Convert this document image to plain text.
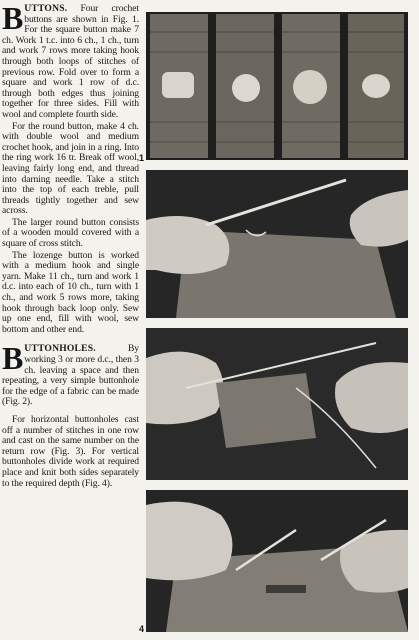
BUTTONS. Four crochet buttons are shown in Fig. 1. For the square button make 7 ch. Work 1 t.c. into 6 ch., 1 ch., turn and work 7 rows more taking hook through both loops of stitches of previous row. Fold over to form a square and work 1 row of d.c. through both edges thus joining together for three sides. Fill with wool and complete fourth side.

For the round button, make 4 ch. with double wool and medium crochet hook, and join in a ring. Into the ring work 16 tr. Break off wool, leaving fairly long end, and thread into darning needle. Take a stitch into the top of each treble, pull threads tightly together and sew across.

The larger round button consists of a wooden mould covered with a square of cross stitch.

The lozenge button is worked with a medium hook and single yarn. Make 11 ch., turn and work 1 d.c. into each of 10 ch., turn with 1 ch., and work 5 rows more, taking hook through back loop only. Sew up one end, fill with wool, sew bottom and other end.

BUTTONHOLES.	By working 3 or more d.c., then 3 ch. leaving a space and then repeating, a very simple buttonhole for the edge of a fabric can be made (Fig. 2).

For horizontal buttonholes cast off a number of stitches in one row and cast on the same number on the return row (Fig. 3). For vertical buttonholes divide work at required place and knit both sides separately to the required depth (Fig. 4).

1
4
